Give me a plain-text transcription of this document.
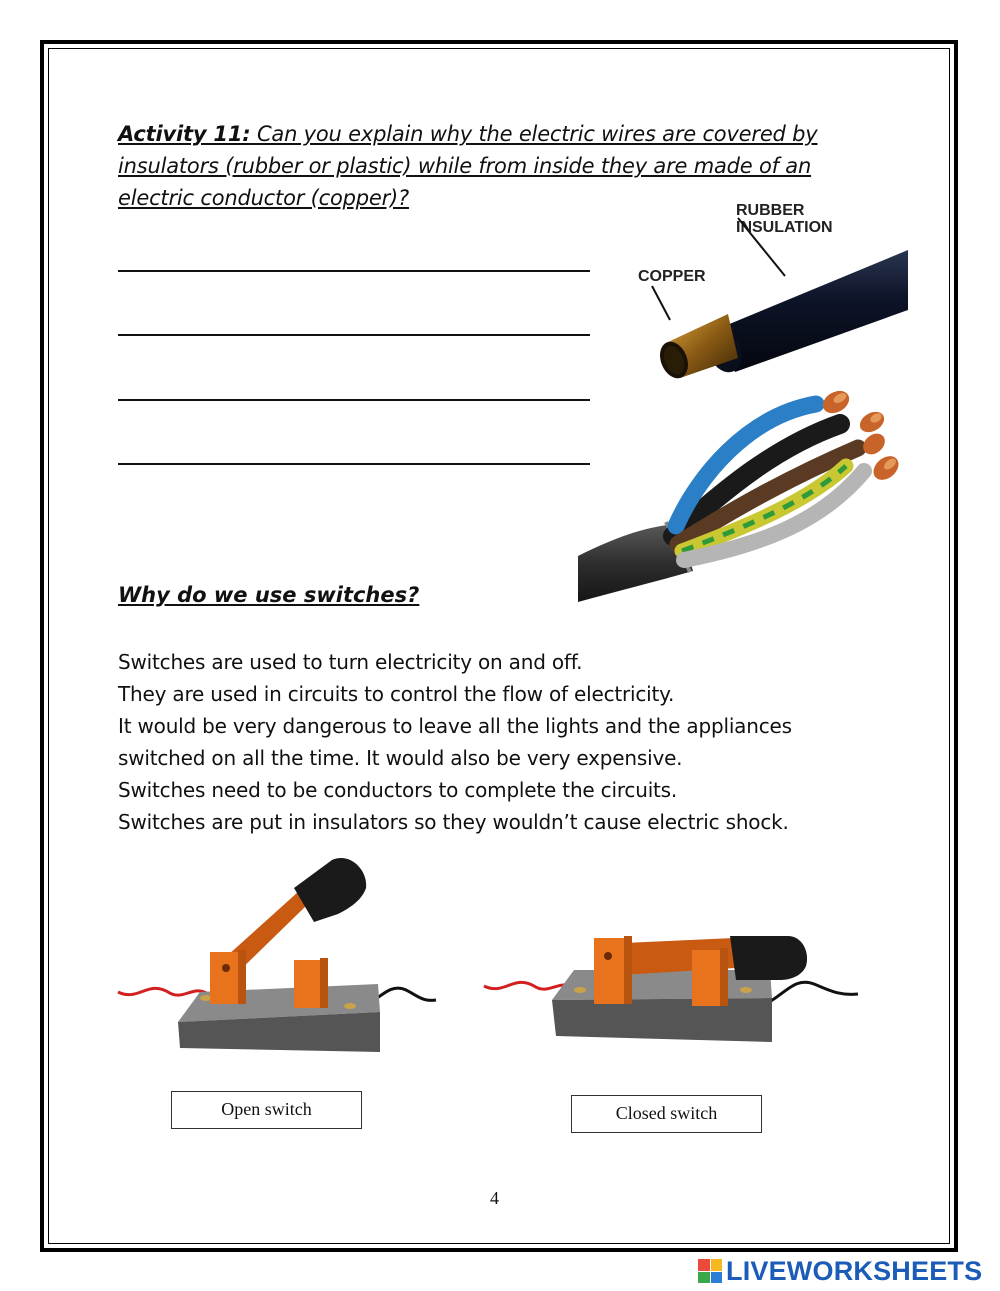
Activity 11: Can you explain why the electric wires are covered by insulators (rubber or plastic) while from inside they are made of an electric conductor (copper)?
RUBBER INSULATION
COPPER
Why do we use switches?
Switches are used to turn electricity on and off.
They are used in circuits to control the flow of electricity.
It would be very dangerous to leave all the lights and the appliances
switched on all the time. It would also be very expensive.
Switches need to be conductors to complete the circuits.
Switches are put in insulators so they wouldn’t cause electric shock.
Open switch	Closed switch
4
LIVEWORKSHEETS
